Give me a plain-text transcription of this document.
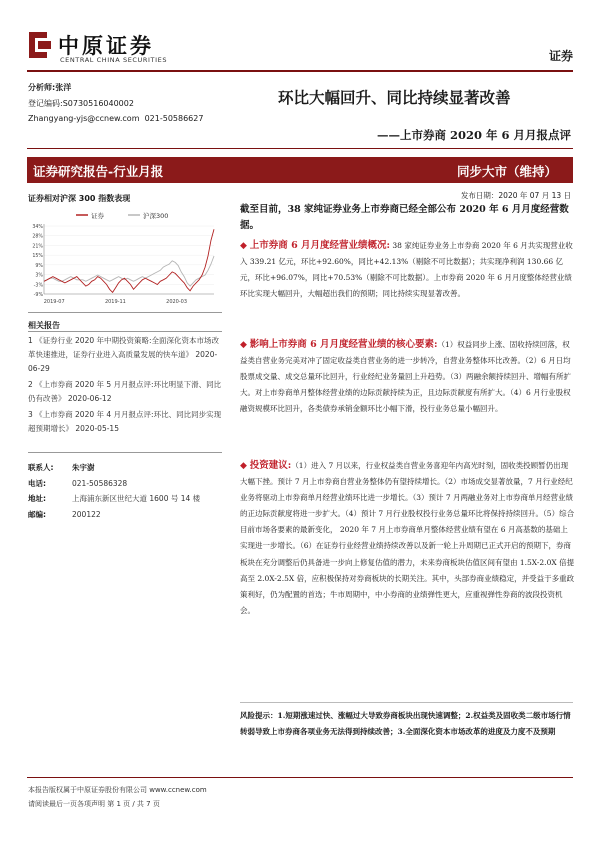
中原证券
CENTRAL CHINA SECURITIES	证券
分析师:张洋
登记编码:S0730516040002
Zhangyang-yjs@ccnew.com 021-50586627
环比大幅回升、同比持续显著改善
——上市券商 2020 年 6 月月报点评
证券研究报告-行业月报	同步大市（维持）
发布日期：2020 年 07 月 13 日
证券相对沪深 300 指数表现
证券	沪深300
34%
28%
21%
15%
9%
3%
-3%
-9%
2019-07	2019-11	2020-03
相关报告
1 《证券行业 2020 年中期投资策略:全面深化资本市场改革快速推进，证券行业进入高质量发展的快车道》 2020-06-29
2 《上市券商 2020 年 5 月月报点评:环比明显下滑、同比仍有改善》 2020-06-12
3 《上市券商 2020 年 4 月月报点评:环比、同比同步实现超预期增长》 2020-05-15
联系人: 朱宇澍
电话:	021-50586328
地址:	上海浦东新区世纪大道 1600 号 14 楼
邮编:	200122
截至目前，38 家纯证券业务上市券商已经全部公布 2020 年 6 月月度经营数据。
◆ 上市券商 6 月月度经营业绩概况: 38 家纯证券业务上市券商 2020 年 6 月共实现营业收入 339.21 亿元，环比+92.60%，同比+42.13%（剔除不可比数据）；共实现净利润 130.66 亿元，环比+96.07%，同比+70.53%（剔除不可比数据）。上市券商 2020 年 6 月月度整体经营业绩环比实现大幅回升，大幅超出我们的预期；同比持续实现显著改善。
◆ 影响上市券商 6 月月度经营业绩的核心要素:（1）权益同步上涨、固收持续回落，权益类自营业务完美对冲了固定收益类自营业务的进一步转冷，自营业务整体环比改善。（2）6 月日均股票成交量、成交总量环比回升，行业经纪业务量回上升趋势。（3）两融余额持续回升、增幅有所扩大。对上市券商单月整体经营业绩的边际贡献持续为正，且边际贡献度有所扩大。（4）6 月行业股权融资规模环比回升，各类债券承销金额环比小幅下滑，投行业务总量小幅回升。
◆ 投资建议:（1）进入 7 月以来，行业权益类自营业务喜迎年内高光时刻，固收类投顾暂仍出现大幅下挫。预计 7 月上市券商自营业务整体仍有望持续增长。（2）市场成交显著放量，7 月行业经纪业务将驱动上市券商单月经营业绩环比进一步增长。（3）预计 7 月两融业务对上市券商单月经营业绩的正边际贡献度将进一步扩大。（4）预计 7 月行业股权投行业务总量环比将保持持续回升。（5）综合目前市场各要素的最新变化， 2020 年 7 月上市券商单月整体经营业绩有望在 6 月高基数的基础上实现进一步增长。（6）在证券行业经营业绩持续改善以及新一轮上升周期已正式开启的预期下，券商板块在充分调整后仍具备进一步向上修复估值的潜力，未来券商板块估值区间有望由 1.5X-2.0X 倍提高至 2.0X-2.5X 倍，应积极保持对券商板块的长期关注。其中，头部券商业绩稳定，并受益于多重政策利好，仍为配置的首选；牛市周期中，中小券商的业绩弹性更大，应重视弹性券商的波段投资机会。
风险提示：1.短期涨速过快、涨幅过大导致券商板块出现快速调整；2.权益类及固收类二级市场行情转弱导致上市券商各项业务无法得到持续改善；3.全面深化资本市场改革的进度及力度不及预期
本报告版权属于中原证券股份有限公司 www.ccnew.com
请阅读最后一页各项声明 第 1 页 / 共 7 页
